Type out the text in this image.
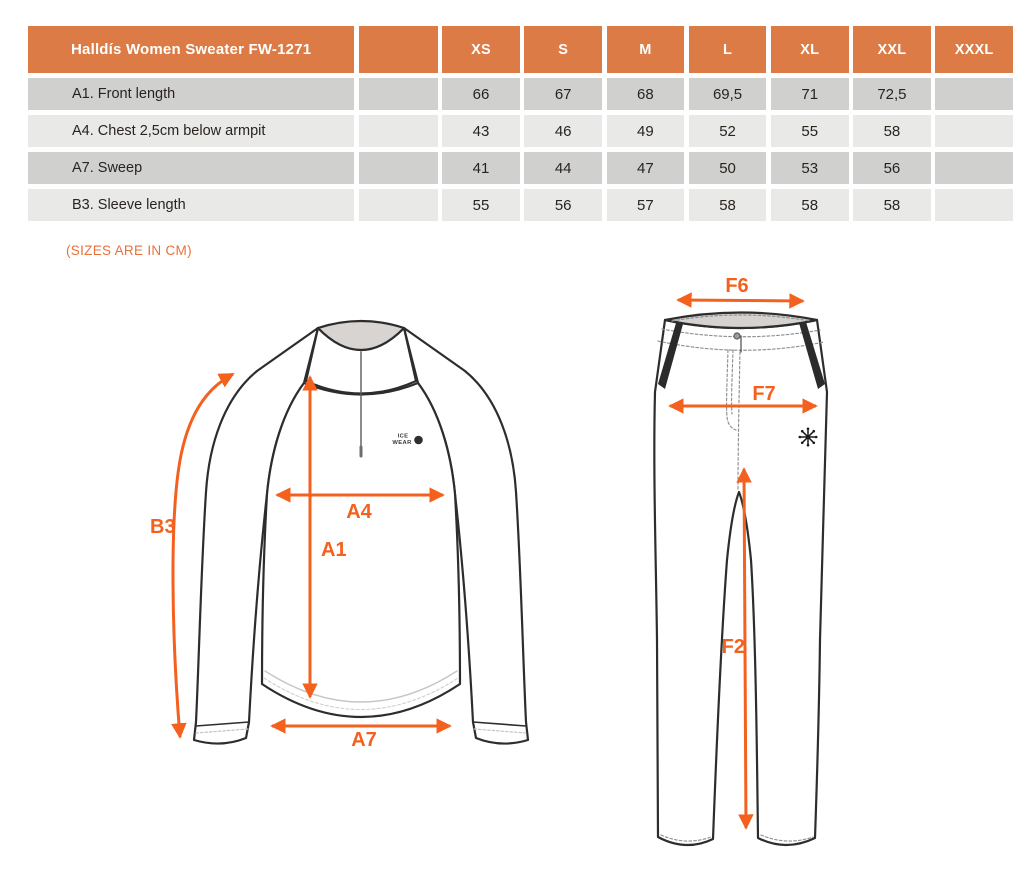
Halldís Women Sweater FW-1271	XS	S	M	L	XL	XXL	XXXL
A1. Front length	66	67	68	69,5	71	72,5
A4. Chest 2,5cm below armpit	43	46	49	52	55	58
A7. Sweep	41	44	47	50	53	56
B3. Sleeve length	55	56	57	58	58	58
(SIZES ARE IN CM)
ICE
WEAR
B3
A4
A1
A7
F6
F7
F2
